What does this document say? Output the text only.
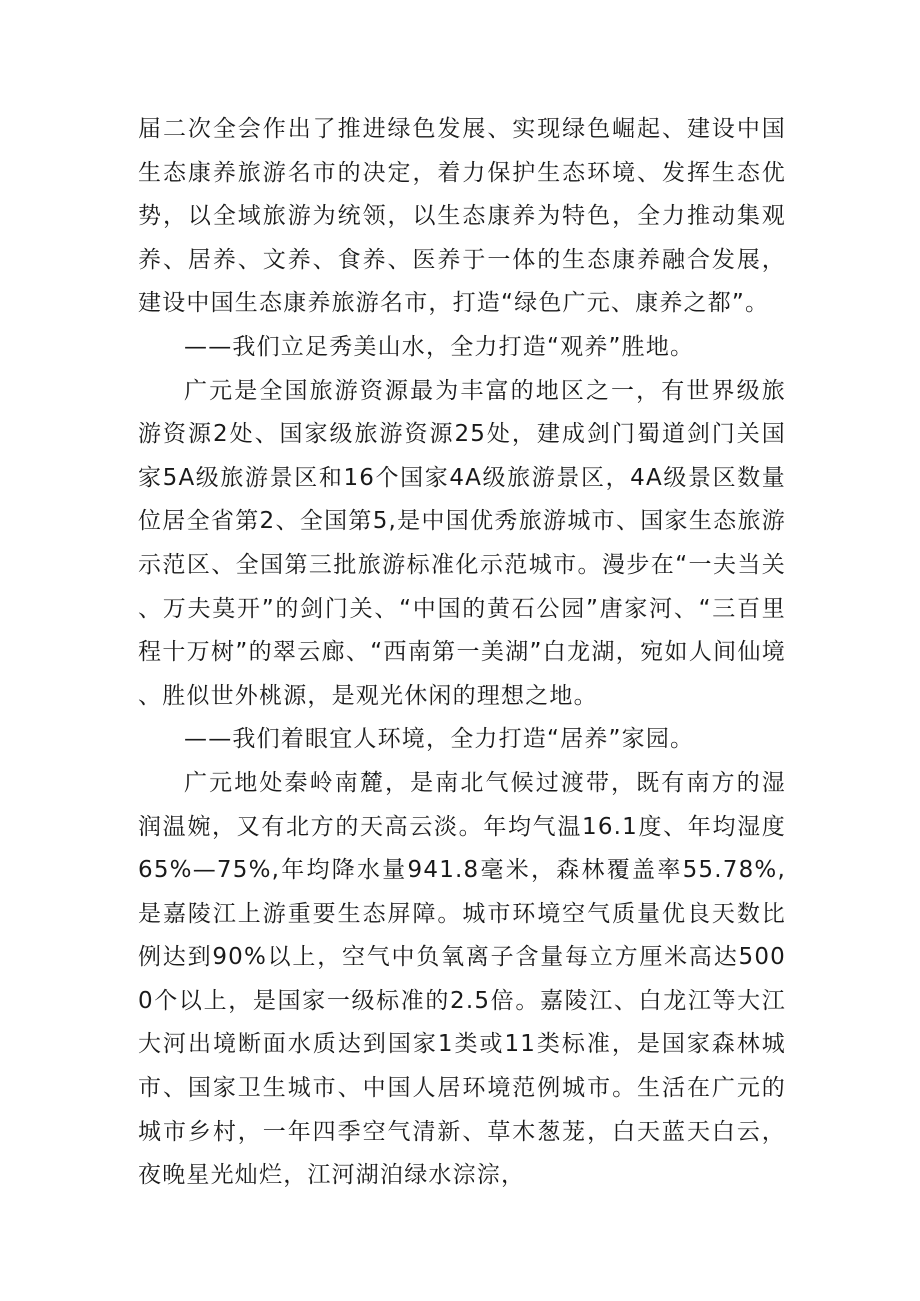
届二次全会作出了推进绿色发展、实现绿色崛起、建设中国生态康养旅游名市的决定，着力保护生态环境、发挥生态优势，以全域旅游为统领，以生态康养为特色，全力推动集观养、居养、文养、食养、医养于一体的生态康养融合发展，建设中国生态康养旅游名市，打造“绿色广元、康养之都”。

——我们立足秀美山水，全力打造“观养”胜地。

广元是全国旅游资源最为丰富的地区之一，有世界级旅游资源2处、国家级旅游资源25处，建成剑门蜀道剑门关国家5A级旅游景区和16个国家4A级旅游景区，4A级景区数量位居全省第2、全国第5,是中国优秀旅游城市、国家生态旅游示范区、全国第三批旅游标准化示范城市。漫步在“一夫当关、万夫莫开”的剑门关、“中国的黄石公园”唐家河、“三百里程十万树”的翠云廊、“西南第一美湖”白龙湖，宛如人间仙境、胜似世外桃源，是观光休闲的理想之地。

——我们着眼宜人环境，全力打造“居养”家园。

广元地处秦岭南麓，是南北气候过渡带，既有南方的湿润温婉，又有北方的天高云淡。年均气温16.1度、年均湿度65%—75%,年均降水量941.8毫米，森林覆盖率55.78%,是嘉陵江上游重要生态屏障。城市环境空气质量优良天数比例达到90%以上，空气中负氧离子含量每立方厘米高达5000个以上，是国家一级标准的2.5倍。嘉陵江、白龙江等大江大河出境断面水质达到国家1类或11类标准，是国家森林城市、国家卫生城市、中国人居环境范例城市。生活在广元的城市乡村，一年四季空气清新、草木葱茏，白天蓝天白云，夜晚星光灿烂，江河湖泊绿水淙淙，
